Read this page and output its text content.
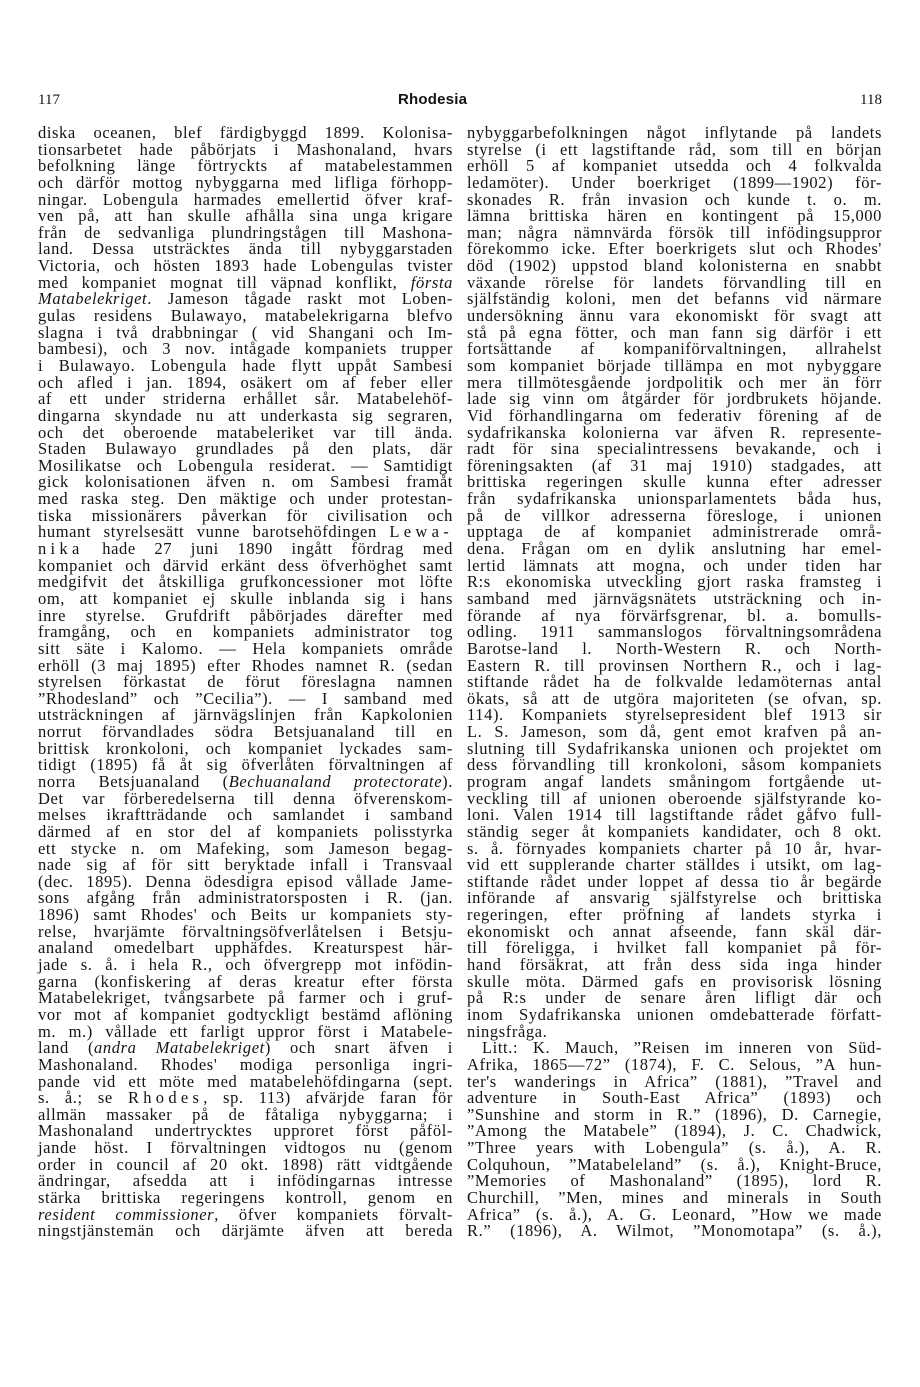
117	Rhodesia	118
diska oceanen, blef färdigbyggd 1899. Kolonisa-
tionsarbetet hade påbörjats i Mashonaland, hvars
befolkning länge förtryckts af matabelestammen
och därför mottog nybyggarna med lifliga förhopp-
ningar. Lobengula harmades emellertid öfver kraf-
ven på, att han skulle afhålla sina unga krigare
från de sedvanliga plundringstågen till Mashona-
land. Dessa utsträcktes ända till nybyggarstaden
Victoria, och hösten 1893 hade Lobengulas tvister
med kompaniet mognat till väpnad konflikt, första
Matabelekriget. Jameson tågade raskt mot Loben-
gulas residens Bulawayo, matabelekrigarna blefvo
slagna i två drabbningar ( vid Shangani och Im-
bambesi), och 3 nov. intågade kompaniets trupper
i Bulawayo. Lobengula hade flytt uppåt Sambesi
och afled i jan. 1894, osäkert om af feber eller
af ett under striderna erhållet sår. Matabelehöf-
dingarna skyndade nu att underkasta sig segraren,
och det oberoende matabeleriket var till ända.
Staden Bulawayo grundlades på den plats, där
Mosilikatse och Lobengula residerat. — Samtidigt
gick kolonisationen äfven n. om Sambesi framåt
med raska steg. Den mäktige och under protestan-
tiska missionärers påverkan för civilisation och
humant styrelsesätt vunne barotsehöfdingen Lewa-
nika hade 27 juni 1890 ingått fördrag med
kompaniet och därvid erkänt dess öfverhöghet samt
medgifvit det åtskilliga grufkoncessioner mot löfte
om, att kompaniet ej skulle inblanda sig i hans
inre styrelse. Grufdrift påbörjades därefter med
framgång, och en kompaniets administrator tog
sitt säte i Kalomo. — Hela kompaniets område
erhöll (3 maj 1895) efter Rhodes namnet R. (sedan
styrelsen förkastat de förut föreslagna namnen
”Rhodesland” och ”Cecilia”). — I samband med
utsträckningen af järnvägslinjen från Kapkolonien
norrut förvandlades södra Betsjuanaland till en
brittisk kronkoloni, och kompaniet lyckades sam-
tidigt (1895) få åt sig öfverlåten förvaltningen af
norra Betsjuanaland (Bechuanaland protectorate).
Det var förberedelserna till denna öfverenskom-
melses ikraftträdande och samlandet i samband
därmed af en stor del af kompaniets polisstyrka
ett stycke n. om Mafeking, som Jameson begag-
nade sig af för sitt beryktade infall i Transvaal
(dec. 1895). Denna ödesdigra episod vållade Jame-
sons afgång från administratorsposten i R. (jan.
1896) samt Rhodes' och Beits ur kompaniets sty-
relse, hvarjämte förvaltningsöfverlåtelsen i Betsju-
analand omedelbart upphäfdes. Kreaturspest här-
jade s. å. i hela R., och öfvergrepp mot infödin-
garna (konfiskering af deras kreatur efter första
Matabelekriget, tvångsarbete på farmer och i gruf-
vor mot af kompaniet godtyckligt bestämd aflöning
m. m.) vållade ett farligt uppror först i Matabele-
land (andra Matabelekriget) och snart äfven i
Mashonaland. Rhodes' modiga personliga ingri-
pande vid ett möte med matabelehöfdingarna (sept.
s. å.; se Rhodes, sp. 113) afvärjde faran för
allmän massaker på de fåtaliga nybyggarna; i
Mashonaland undertrycktes upproret först påföl-
jande höst. I förvaltningen vidtogos nu (genom
order in council af 20 okt. 1898) rätt vidtgående
ändringar, afsedda att i infödingarnas intresse
stärka brittiska regeringens kontroll, genom en
resident commissioner, öfver kompaniets förvalt-
ningstjänstemän och därjämte äfven att bereda
nybyggarbefolkningen något inflytande på landets
styrelse (i ett lagstiftande råd, som till en början
erhöll 5 af kompaniet utsedda och 4 folkvalda
ledamöter). Under boerkriget (1899—1902) för-
skonades R. från invasion och kunde t. o. m.
lämna brittiska hären en kontingent på 15,000
man; några nämnvärda försök till infödingsuppror
förekommo icke. Efter boerkrigets slut och Rhodes'
död (1902) uppstod bland kolonisterna en snabbt
växande rörelse för landets förvandling till en
själfständig koloni, men det befanns vid närmare
undersökning ännu vara ekonomiskt för svagt att
stå på egna fötter, och man fann sig därför i ett
fortsättande af kompaniförvaltningen, allrahelst
som kompaniet började tillämpa en mot nybyggare
mera tillmötesgående jordpolitik och mer än förr
lade sig vinn om åtgärder för jordbrukets höjande.
Vid förhandlingarna om federativ förening af de
sydafrikanska kolonierna var äfven R. represente-
radt för sina specialintressens bevakande, och i
föreningsakten (af 31 maj 1910) stadgades, att
brittiska regeringen skulle kunna efter adresser
från sydafrikanska unionsparlamentets båda hus,
på de villkor adresserna föresloge, i unionen
upptaga de af kompaniet administrerade områ-
dena. Frågan om en dylik anslutning har emel-
lertid lämnats att mogna, och under tiden har
R:s ekonomiska utveckling gjort raska framsteg i
samband med järnvägsnätets utsträckning och in-
förande af nya förvärfsgrenar, bl. a. bomulls-
odling. 1911 sammanslogos förvaltningsområdena
Barotse-land l. North-Western R. och North-
Eastern R. till provinsen Northern R., och i lag-
stiftande rådet ha de folkvalde ledamöternas antal
ökats, så att de utgöra majoriteten (se ofvan, sp.
114). Kompaniets styrelsepresident blef 1913 sir
L. S. Jameson, som då, gent emot krafven på an-
slutning till Sydafrikanska unionen och projektet om
dess förvandling till kronkoloni, såsom kompaniets
program angaf landets småningom fortgående ut-
veckling till af unionen oberoende själfstyrande ko-
loni. Valen 1914 till lagstiftande rådet gåfvo full-
ständig seger åt kompaniets kandidater, och 8 okt.
s. å. förnyades kompaniets charter på 10 år, hvar-
vid ett supplerande charter ställdes i utsikt, om lag-
stiftande rådet under loppet af dessa tio år begärde
införande af ansvarig själfstyrelse och brittiska
regeringen, efter pröfning af landets styrka i
ekonomiskt och annat afseende, fann skäl där-
till föreligga, i hvilket fall kompaniet på för-
hand försäkrat, att från dess sida inga hinder
skulle möta. Därmed gafs en provisorisk lösning
på R:s under de senare åren lifligt där och
inom Sydafrikanska unionen omdebatterade författ-
ningsfråga.
Litt.: K. Mauch, ”Reisen im inneren von Süd-
Afrika, 1865—72” (1874), F. C. Selous, ”A hun-
ter's wanderings in Africa” (1881), ”Travel and
adventure in South-East Africa” (1893) och
”Sunshine and storm in R.” (1896), D. Carnegie,
”Among the Matabele” (1894), J. C. Chadwick,
”Three years with Lobengula” (s. å.), A. R.
Colquhoun, ”Matabeleland” (s. å.), Knight-Bruce,
”Memories of Mashonaland” (1895), lord R.
Churchill, ”Men, mines and minerals in South
Africa” (s. å.), A. G. Leonard, ”How we made
R.” (1896), A. Wilmot, ”Monomotapa” (s. å.),
